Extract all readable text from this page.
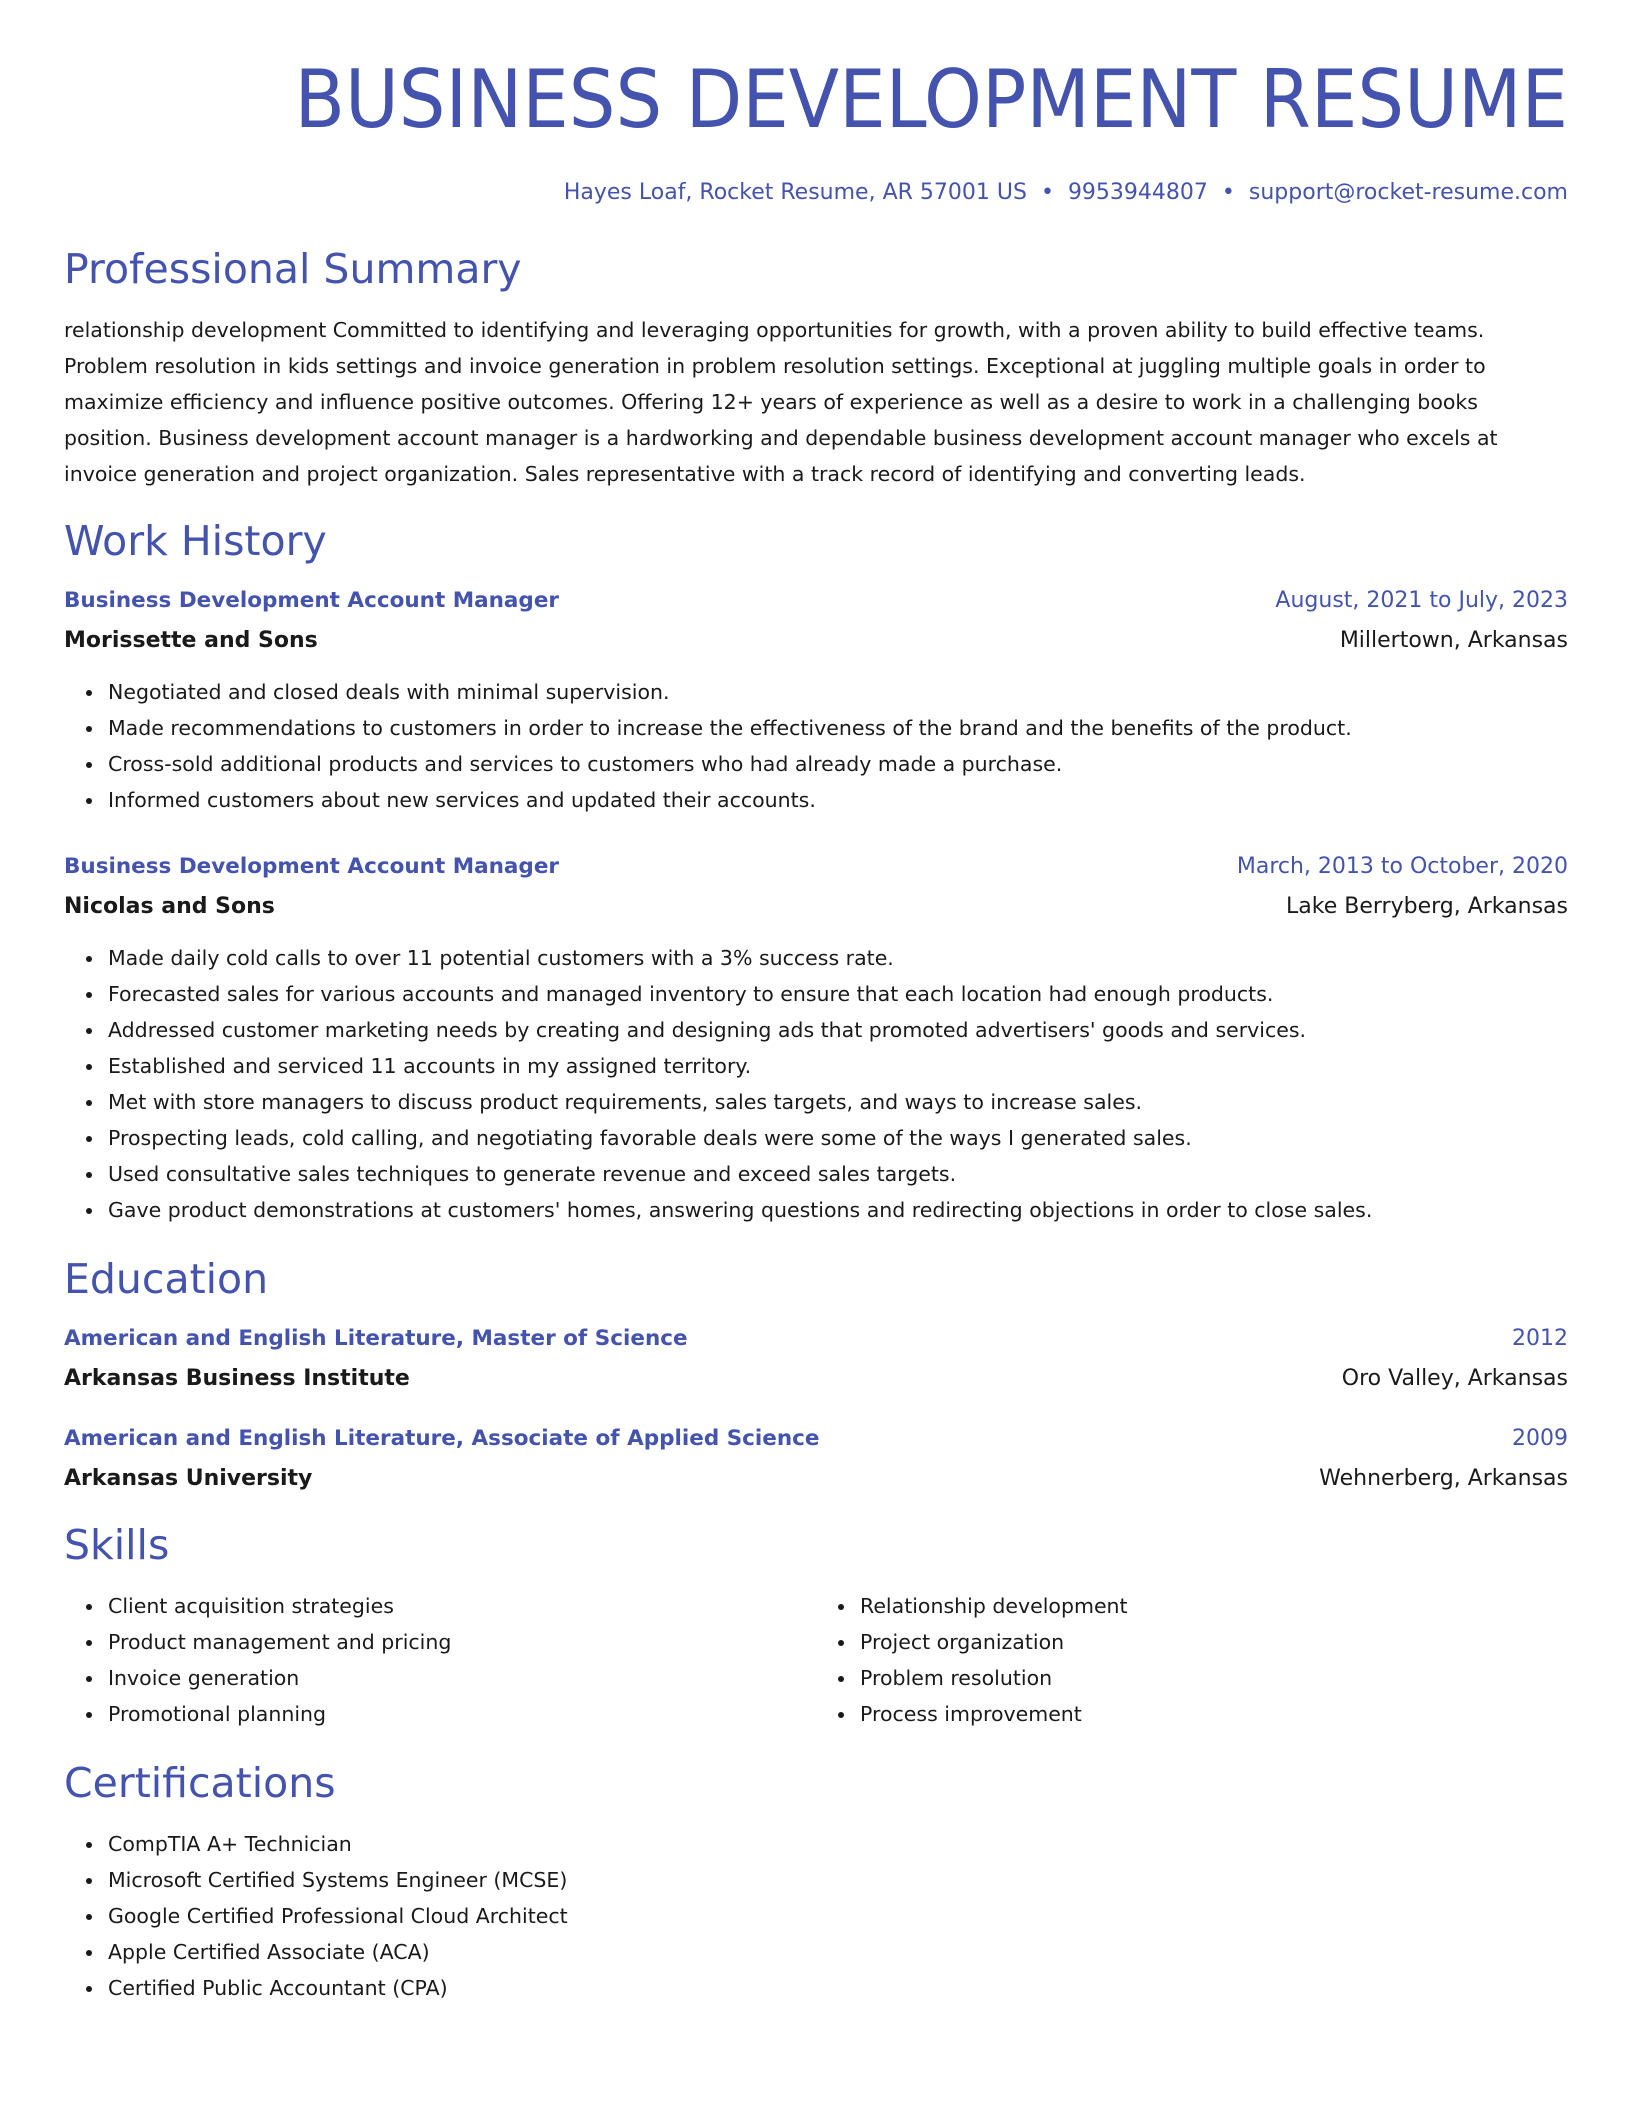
BUSINESS DEVELOPMENT RESUME
Hayes Loaf, Rocket Resume, AR 57001 US • 9953944807 • support@rocket-resume.com
Professional Summary

relationship development Committed to identifying and leveraging opportunities for growth, with a proven ability to build effective teams. Problem resolution in kids settings and invoice generation in problem resolution settings. Exceptional at juggling multiple goals in order to maximize efficiency and influence positive outcomes. Offering 12+ years of experience as well as a desire to work in a challenging books position. Business development account manager is a hardworking and dependable business development account manager who excels at invoice generation and project organization. Sales representative with a track record of identifying and converting leads.

Work History
Business Development Account Manager	August, 2021 to July, 2023
Morissette and Sons	Millertown, Arkansas
Negotiated and closed deals with minimal supervision.
Made recommendations to customers in order to increase the effectiveness of the brand and the benefits of the product.
Cross-sold additional products and services to customers who had already made a purchase.
Informed customers about new services and updated their accounts.
Business Development Account Manager	March, 2013 to October, 2020
Nicolas and Sons	Lake Berryberg, Arkansas
Made daily cold calls to over 11 potential customers with a 3% success rate.
Forecasted sales for various accounts and managed inventory to ensure that each location had enough products.
Addressed customer marketing needs by creating and designing ads that promoted advertisers' goods and services.
Established and serviced 11 accounts in my assigned territory.
Met with store managers to discuss product requirements, sales targets, and ways to increase sales.
Prospecting leads, cold calling, and negotiating favorable deals were some of the ways I generated sales.
Used consultative sales techniques to generate revenue and exceed sales targets.
Gave product demonstrations at customers' homes, answering questions and redirecting objections in order to close sales.
Education
American and English Literature, Master of Science	2012
Arkansas Business Institute	Oro Valley, Arkansas
American and English Literature, Associate of Applied Science	2009
Arkansas University	Wehnerberg, Arkansas
Skills
Client acquisition strategies
Product management and pricing
Invoice generation
Promotional planning
Relationship development
Project organization
Problem resolution
Process improvement
Certifications
CompTIA A+ Technician
Microsoft Certified Systems Engineer (MCSE)
Google Certified Professional Cloud Architect
Apple Certified Associate (ACA)
Certified Public Accountant (CPA)
